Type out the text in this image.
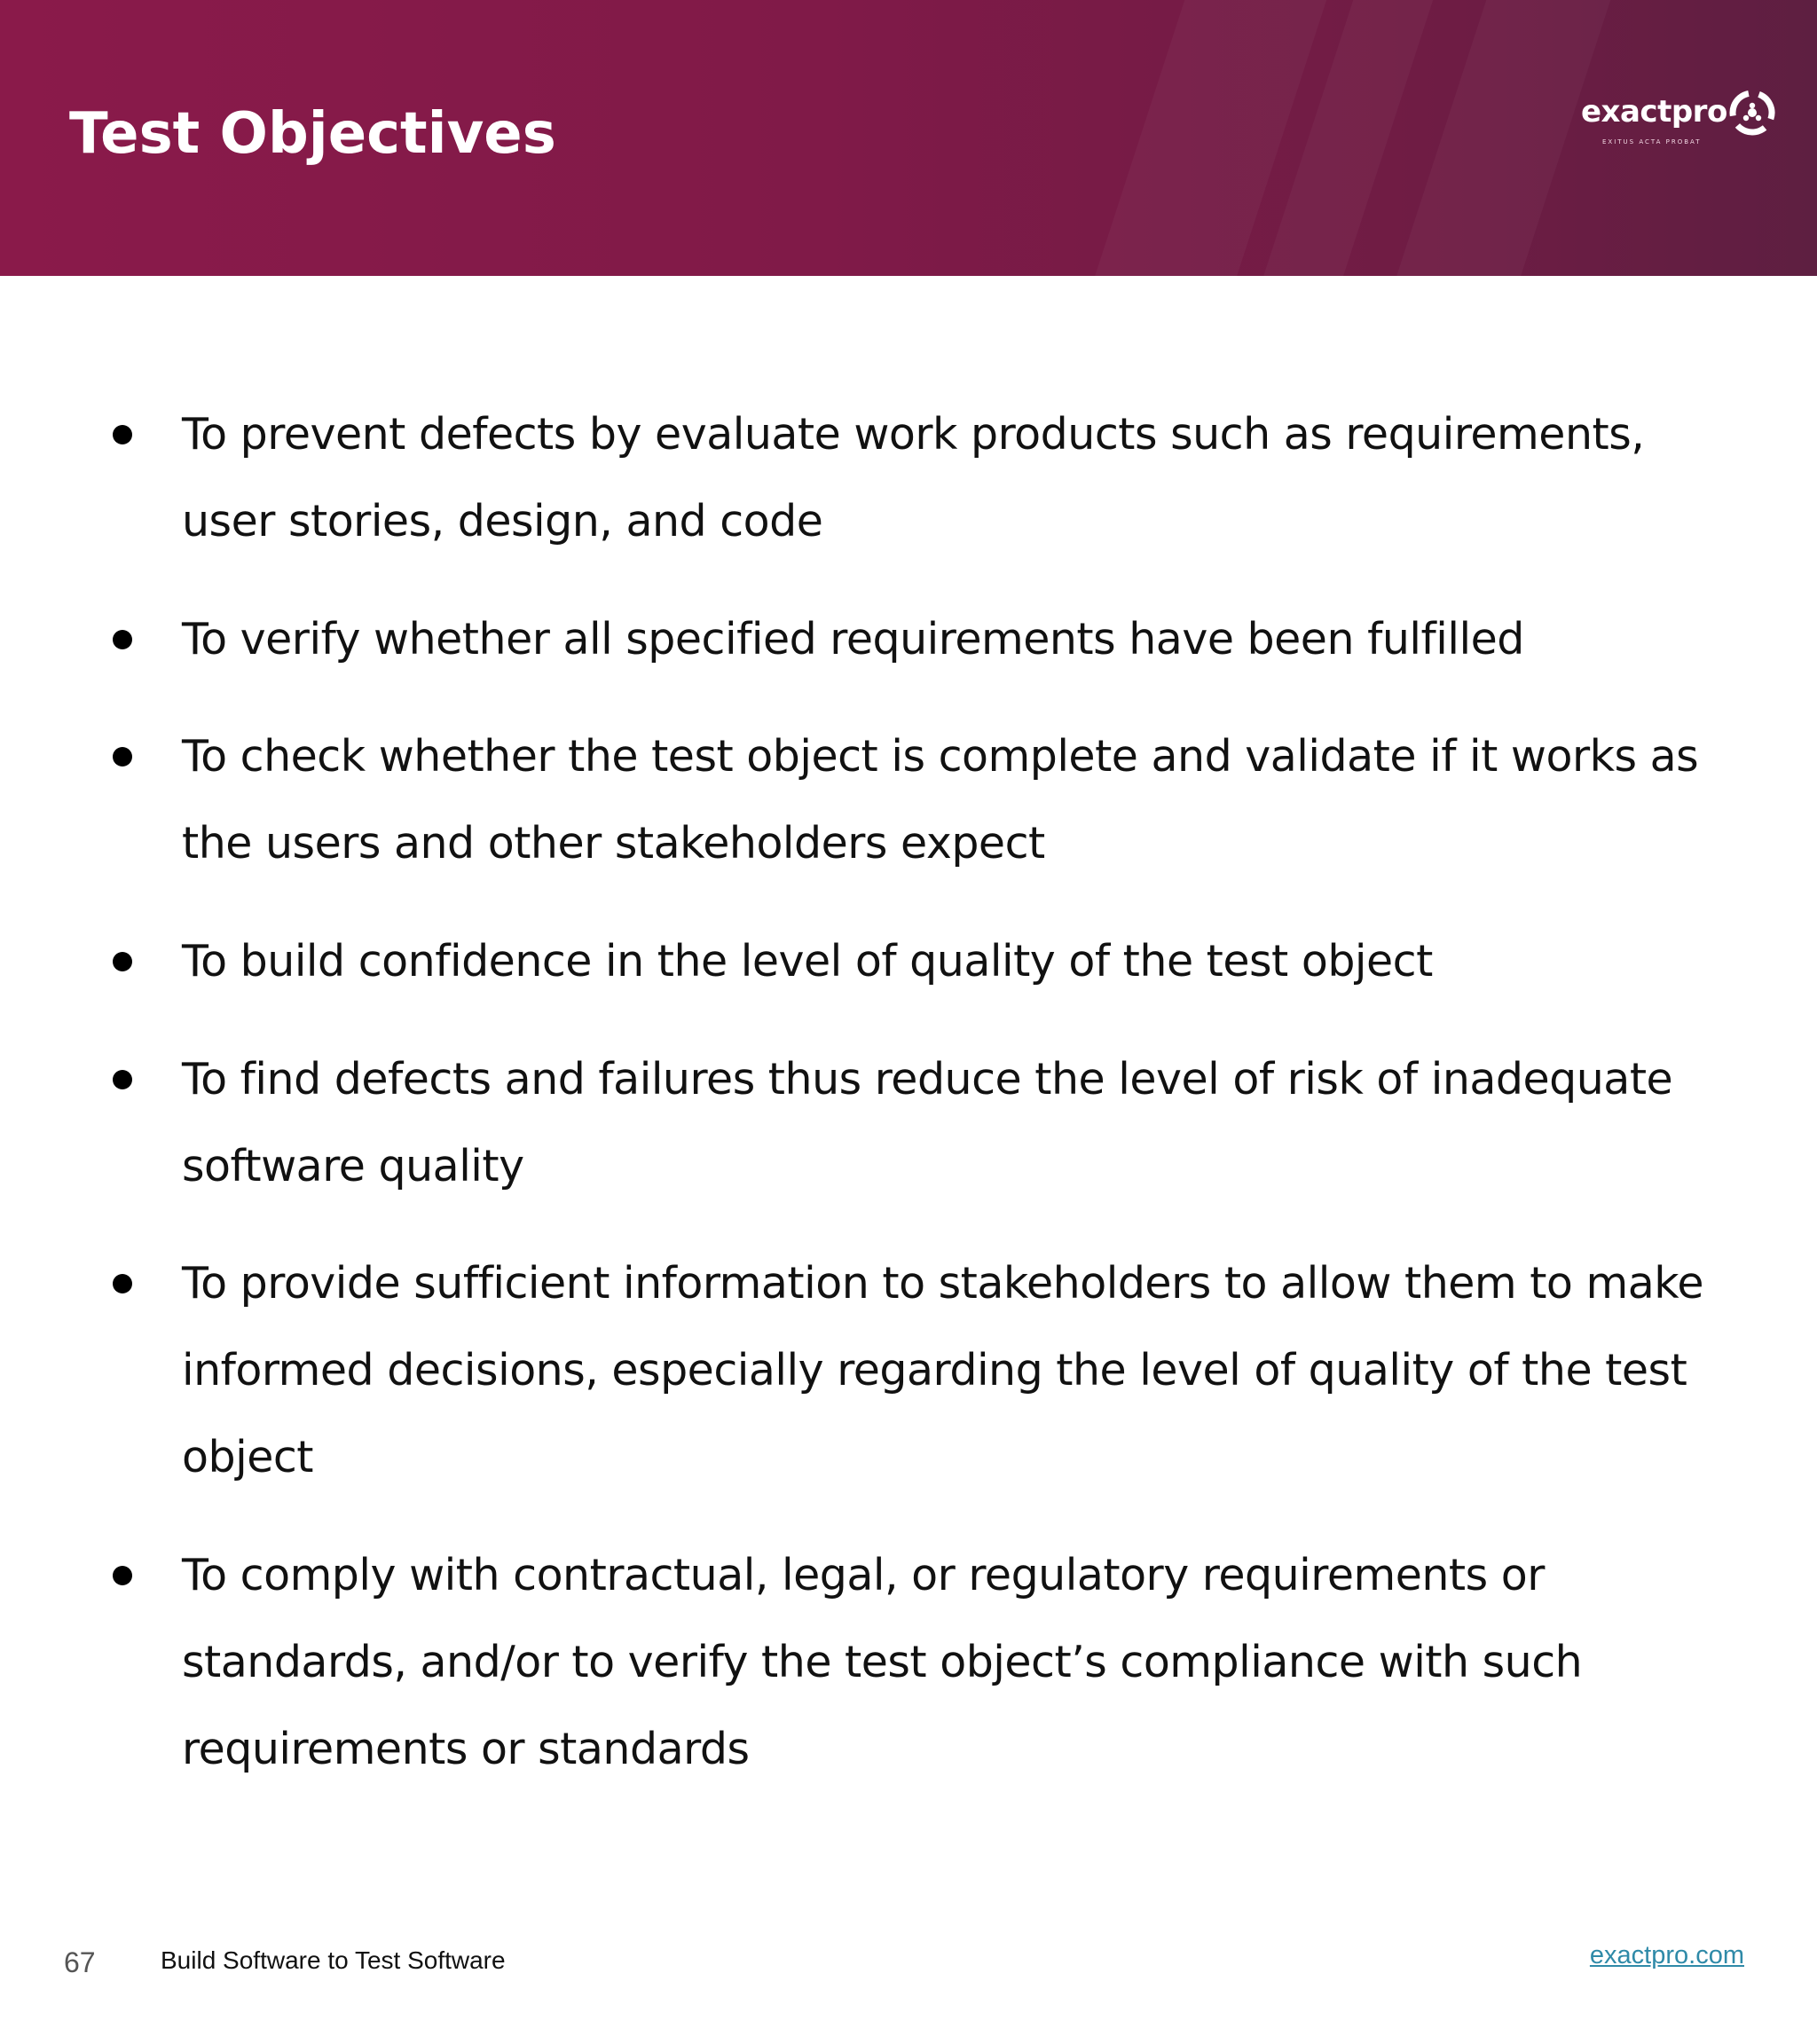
Test Objectives	exactpro
EXITUS ACTA PROBAT

To prevent defects by evaluate work products such as requirements, user stories, design, and code

To verify whether all specified requirements have been fulfilled

To check whether the test object is complete and validate if it works as the users and other stakeholders expect

To build confidence in the level of quality of the test object

To find defects and failures thus reduce the level of risk of inadequate software quality

To provide sufficient information to stakeholders to allow them to make informed decisions, especially regarding the level of quality of the test object

To comply with contractual, legal, or regulatory requirements or standards, and/or to verify the test object’s compliance with such requirements or standards

67	Build Software to Test Software	exactpro.com
